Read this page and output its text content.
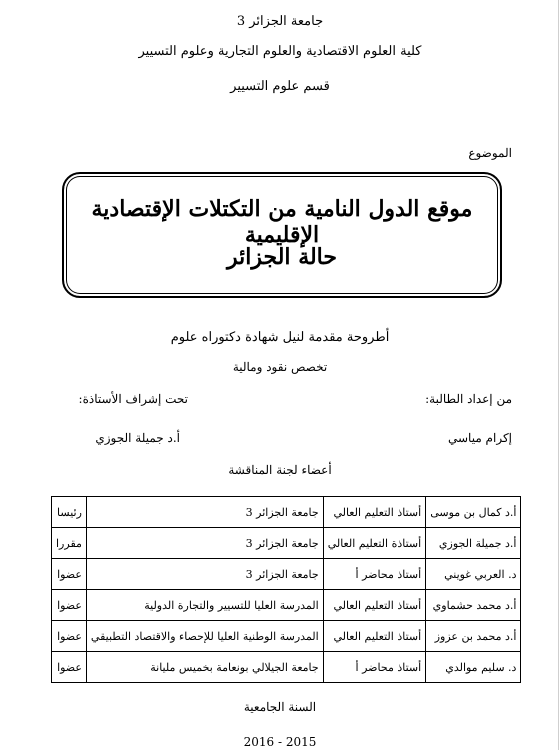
جامعة الجزائر 3
كلية العلوم الاقتصادية والعلوم التجارية وعلوم التسيير
قسم علوم التسيير
الموضوع
موقع الدول النامية من التكتلات الإقتصادية الإقليمية
حالة الجزائر
أطروحة مقدمة لنيل شهادة دكتوراه علوم
تخصص نقود ومالية
من إعداد الطالبة:
تحت إشراف الأستاذة:
إكرام مياسي
أ.د جميلة الجوزي
أعضاء لجنة المناقشة
أ.د كمال بن موسى	أستاذ التعليم العالي	جامعة الجزائر 3	رئيسا
أ.د جميلة الجوزي	أستاذة التعليم العالي	جامعة الجزائر 3	مقررا
د. العربي غويني	أستاذ محاضر أ	جامعة الجزائر 3	عضوا
أ.د محمد حشماوي	أستاذ التعليم العالي	المدرسة العليا للتسيير والتجارة الدولية	عضوا
أ.د محمد بن عزوز	أستاذ التعليم العالي	المدرسة الوطنية العليا للإحصاء والاقتصاد التطبيقي	عضوا
د. سليم موالدي	أستاذ محاضر أ	جامعة الجيلالي بونعامة بخميس مليانة	عضوا
السنة الجامعية
2016 - 2015
